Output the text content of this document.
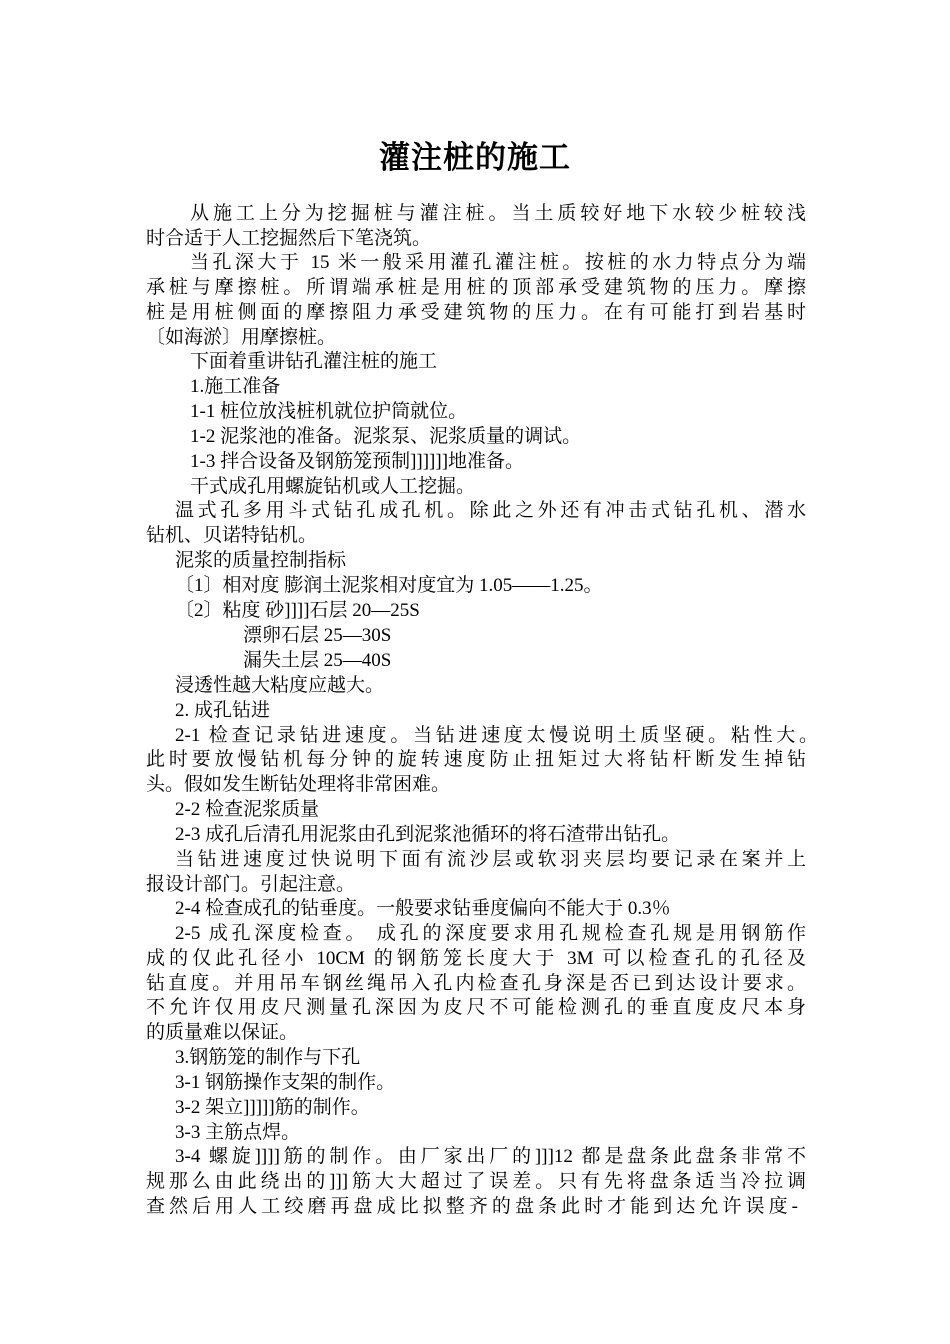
灌注桩的施工
从施工上分为挖掘桩与灌注桩。当土质较好地下水较少桩较浅
时合适于人工挖掘然后下笔浇筑。
当孔深大于 15 米一般采用灌孔灌注桩。按桩的水力特点分为端
承桩与摩擦桩。所谓端承桩是用桩的顶部承受建筑物的压力。摩擦
桩是用桩侧面的摩擦阻力承受建筑物的压力。在有可能打到岩基时
〔如海淤〕用摩擦桩。
下面着重讲钻孔灌注桩的施工
1.施工准备
1-1 桩位放浅桩机就位护筒就位。
1-2 泥浆池的准备。泥浆泵、泥浆质量的调试。
1-3 拌合设备及钢筋笼预制]]]]]]地准备。
干式成孔用螺旋钻机或人工挖掘。
温式孔多用斗式钻孔成孔机。除此之外还有冲击式钻孔机、潜水
钻机、贝诺特钻机。
泥浆的质量控制指标
〔1〕相对度 膨润土泥浆相对度宜为 1.05——1.25。
〔2〕粘度 砂]]]]石层 20—25S
漂卵石层 25—30S
漏失土层 25—40S
浸透性越大粘度应越大。
2. 成孔钻进
2-1 检查记录钻进速度。当钻进速度太慢说明土质坚硬。粘性大。
此时要放慢钻机每分钟的旋转速度防止扭矩过大将钻杆断发生掉钻
头。假如发生断钻处理将非常困难。
2-2 检查泥浆质量
2-3 成孔后清孔用泥浆由孔到泥浆池循环的将石渣带出钻孔。
当钻进速度过快说明下面有流沙层或软羽夹层均要记录在案并上
报设计部门。引起注意。
2-4 检查成孔的钻垂度。一般要求钻垂度偏向不能大于 0.3％
2-5 成孔深度检查。 成孔的深度要求用孔规检查孔规是用钢筋作
成的仅此孔径小 10CM 的钢筋笼长度大于 3M 可以检查孔的孔径及
钻直度。并用吊车钢丝绳吊入孔内检查孔身深是否已到达设计要求。
不允许仅用皮尺测量孔深因为皮尺不可能检测孔的垂直度皮尺本身
的质量难以保证。
3.钢筋笼的制作与下孔
3-1 钢筋操作支架的制作。
3-2 架立]]]]]筋的制作。
3-3 主筋点焊。
3-4 螺旋]]]]筋的制作。由厂家出厂的]]]12 都是盘条此盘条非常不
规那么由此绕出的]]]筋大大超过了误差。只有先将盘条适当冷拉调
查然后用人工绞磨再盘成比拟整齐的盘条此时才能到达允许误度-
